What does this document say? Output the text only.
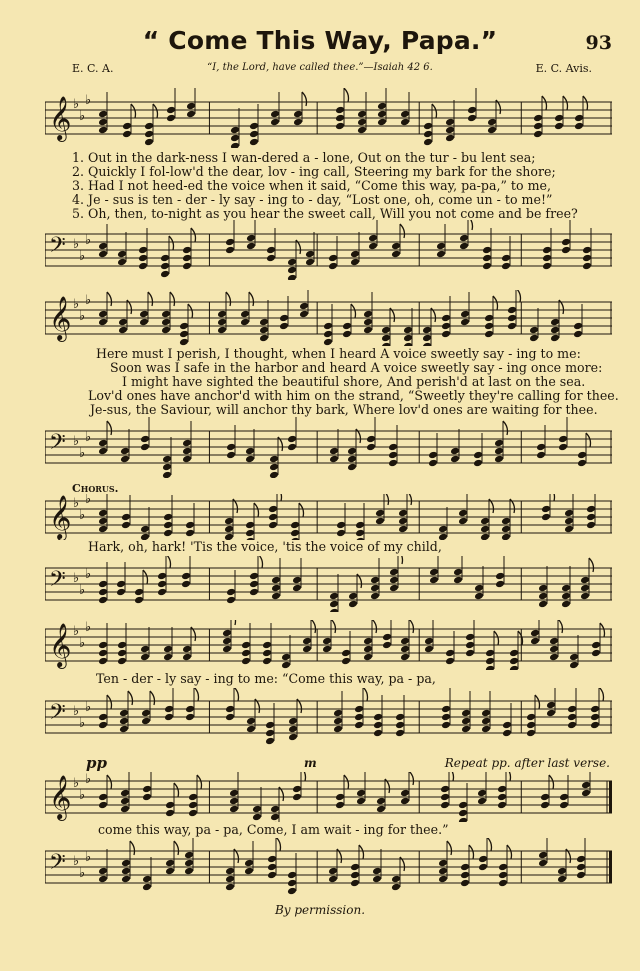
“ Come This Way, Papa.”	93
E. C. A.	“I, the Lord, have called thee.”—Isaiah 42 6.	E. C. Avis.
𝄞 ♭
♭
♭
1. Out in the dark-ness I wan-dered a - lone, Out on the tur - bu lent sea;
2. Quickly I fol-low'd the dear, lov - ing call, Steering my bark for the shore;
3. Had I not heed-ed the voice when it said, “Come this way, pa-pa,” to me,
4. Je - sus is ten - der - ly say - ing to - day, “Lost one, oh, come un - to me!”
5. Oh, then, to-night as you hear the sweet call, Will you not come and be free?
𝄢 ♭
♭
♭
𝄞 ♭
♭
♭
Here must I perish, I thought, when I heard A voice sweetly say - ing to me:
Soon was I safe in the harbor and heard A voice sweetly say - ing once more:
I might have sighted the beautiful shore, And perish'd at last on the sea.
Lov'd ones have anchor'd with him on the strand, “Sweetly they're calling for thee.
Je-sus, the Saviour, will anchor thy bark, Where lov'd ones are waiting for thee.
𝄢 ♭
♭
♭
Chorus.
𝄞 ♭
♭
♭
Hark, oh, hark! 'Tis the voice, 'tis the voice of my child,
𝄢 ♭
♭
♭
𝄞 ♭
♭
♭
Ten - der - ly say - ing to me: “Come this way, pa - pa,
𝄢 ♭
♭
♭
pp	m	Repeat pp. after last verse.
𝄞 ♭
♭
♭
come this way, pa - pa, Come, I am wait - ing for thee.”
𝄢 ♭
♭
♭
By permission.
